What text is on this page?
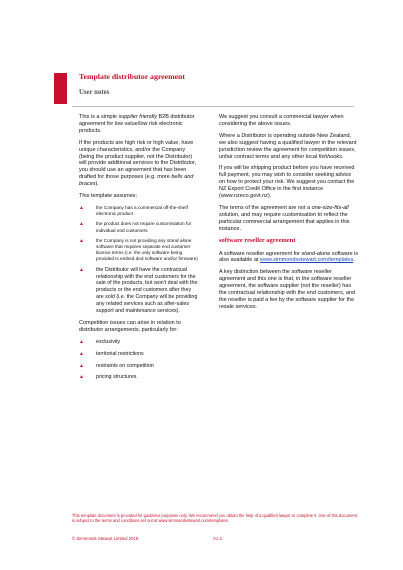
Template distributor agreement
User notes

This is a simple supplier friendly B2B distributor agreement for low value/low risk electronic products.

If the products are high risk or high value, have unique characteristics, and/or the Company (being the product supplier, not the Distributor) will provide additional services to the Distributor, you should use an agreement that has been drafted for those purposes (e.g. more bells and braces).

This template assumes:

▲	the Company has a commercial off-the-shelf electronic product
▲	the product does not require customisation for individual end customers
▲	the Company is not providing any stand-alone software that requires separate end customer licence terms (i.e. the only software being provided is embed ded software and/or firmware)
▲ the Distributor will have the contractual relationship with the end customers for the sale of the products, but won't deal with the products or the end customers after they are sold (i.e. the Company will be providing any related services such as after-sales support and maintenance services).

Competition issues can arise in relation to distributor arrangements, particularly for:

▲ exclusivity
▲ territorial restrictions
▲ restraints on competition
▲ pricing structures.

We suggest you consult a commercial lawyer when considering the above issues.

Where a Distributor is operating outside New Zealand, we also suggest having a qualified lawyer in the relevant jurisdiction review the agreement for competition issues, unfair contract terms and any other local fishhooks.

If you will be shipping product before you have received full payment, you may wish to consider seeking advice on how to protect your risk. We suggest you contact the NZ Export Credit Office in the first instance (www.nzeco.govt.nz).

The terms of the agreement are not a one-size-fits-all solution, and may require customisation to reflect the particular commercial arrangement that applies in this instance.

software reseller agreement

A software reseller agreement for stand-alone software is also available at www.simmondsstewart.com/templates.

A key distinction between the software reseller agreement and this one is that, in the software reseller agreement, the software supplier (not the reseller) has the contractual relationship with the end customers, and the reseller is paid a fee by the software supplier for the resale services.

This template document is provided for guidance purposes only. We recommend you obtain the help of a qualified lawyer to complete it. Use of this document is subject to the terms and conditions set out at www.simmondsstewart.com/templates.
© Simmonds Stewart Limited 2018	V1.2
